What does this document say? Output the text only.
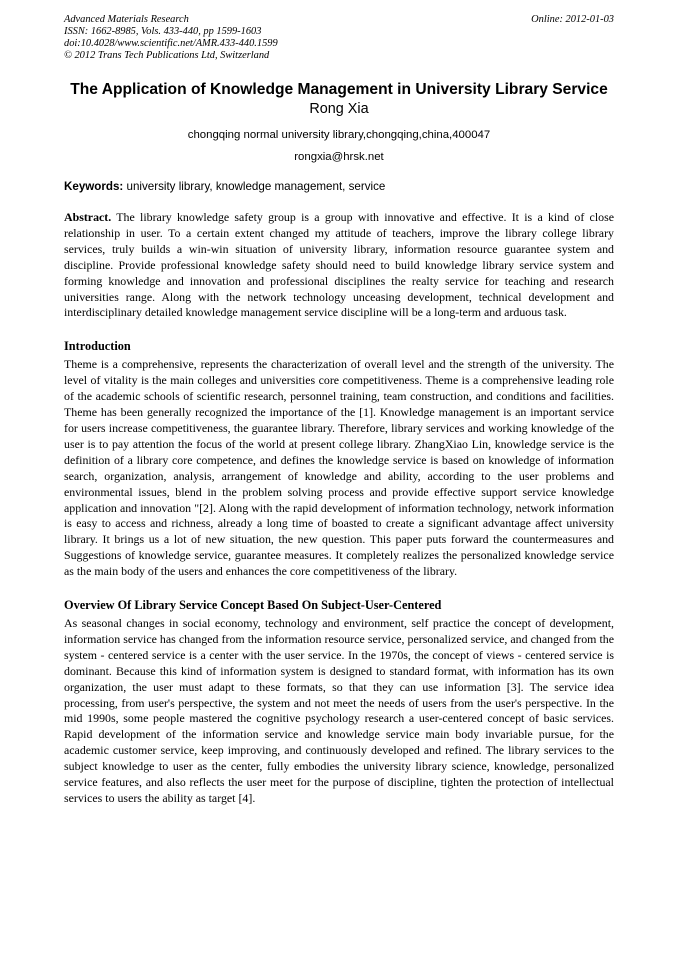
Advanced Materials Research	Online: 2012-01-03
ISSN: 1662-8985, Vols. 433-440, pp 1599-1603
doi:10.4028/www.scientific.net/AMR.433-440.1599
© 2012 Trans Tech Publications Ltd, Switzerland
The Application of Knowledge Management in University Library Service
Rong Xia
chongqing normal university library,chongqing,china,400047
rongxia@hrsk.net
Keywords: university library, knowledge management, service

Abstract. The library knowledge safety group is a group with innovative and effective. It is a kind of close relationship in user. To a certain extent changed my attitude of teachers, improve the library college library services, truly builds a win-win situation of university library, information resource guarantee system and discipline. Provide professional knowledge safety should need to build knowledge library service system and forming knowledge and innovation and professional disciplines the realty service for teaching and research universities range. Along with the network technology unceasing development, technical development and interdisciplinary detailed knowledge management service discipline will be a long-term and arduous task.

Introduction

Theme is a comprehensive, represents the characterization of overall level and the strength of the university. The level of vitality is the main colleges and universities core competitiveness. Theme is a comprehensive leading role of the academic schools of scientific research, personnel training, team construction, and conditions and facilities. Theme has been generally recognized the importance of the [1]. Knowledge management is an important service for users increase competitiveness, the guarantee library. Therefore, library services and working knowledge of the user is to pay attention the focus of the world at present college library. ZhangXiao Lin, knowledge service is the definition of a library core competence, and defines the knowledge service is based on knowledge of information search, organization, analysis, arrangement of knowledge and ability, according to the user problems and environmental issues, blend in the problem solving process and provide effective support service knowledge application and innovation "[2]. Along with the rapid development of information technology, network information is easy to access and richness, already a long time of boasted to create a significant advantage affect university library. It brings us a lot of new situation, the new question. This paper puts forward the countermeasures and Suggestions of knowledge service, guarantee measures. It completely realizes the personalized knowledge service as the main body of the users and enhances the core competitiveness of the library.

Overview Of Library Service Concept Based On Subject-User-Centered

As seasonal changes in social economy, technology and environment, self practice the concept of development, information service has changed from the information resource service, personalized service, and changed from the system - centered service is a center with the user service. In the 1970s, the concept of views - centered service is dominant. Because this kind of information system is designed to standard format, with information has its own organization, the user must adapt to these formats, so that they can use information [3]. The service idea processing, from user's perspective, the system and not meet the needs of users from the user's perspective. In the mid 1990s, some people mastered the cognitive psychology research a user-centered concept of basic services. Rapid development of the information service and knowledge service main body invariable pursue, for the academic customer service, keep improving, and continuously developed and refined. The library services to the subject knowledge to user as the center, fully embodies the university library science, knowledge, personalized service features, and also reflects the user meet for the purpose of discipline, tighten the protection of intellectual services to users the ability as target [4].
